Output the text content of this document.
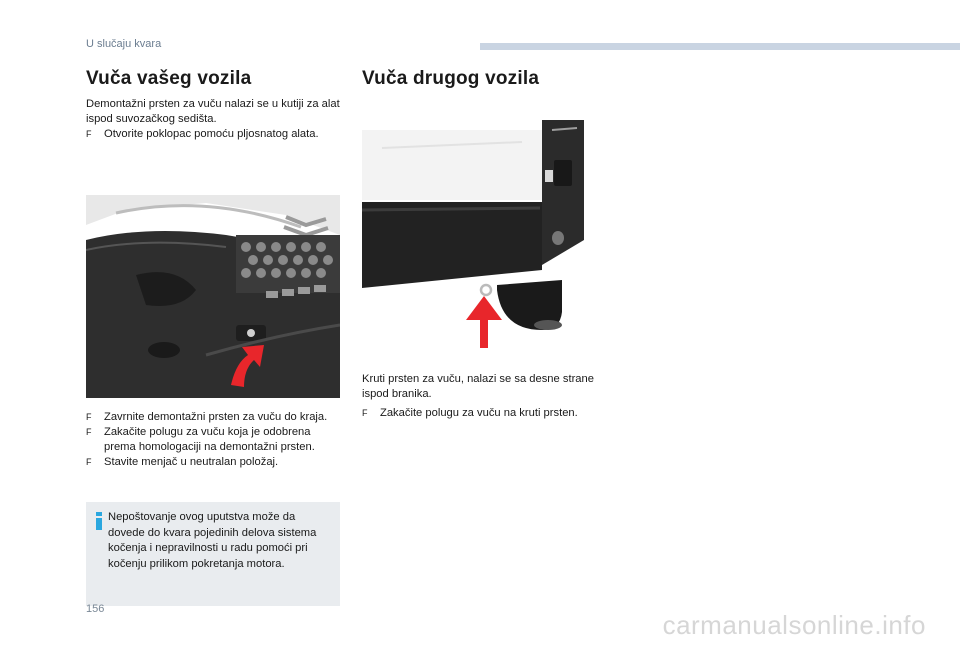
U slučaju kvara
Vuča vašeg vozila

Demontažni prsten za vuču nalazi se u kutiji za alat ispod suvozačkog sedišta.

F Otvorite poklopac pomoću pljosnatog alata.
F Zavrnite demontažni prsten za vuču do kraja.
F Zakačite polugu za vuču koja je odobrena prema homologaciji na demontažni prsten.
F Stavite menjač u neutralan položaj.
Nepoštovanje ovog uputstva može da dovede do kvara pojedinih delova sistema kočenja i nepravilnosti u radu pomoći pri kočenju prilikom pokretanja motora.
Vuča drugog vozila

Kruti prsten za vuču, nalazi se sa desne strane ispod branika.

F Zakačite polugu za vuču na kruti prsten.
156
carmanualsonline.info
